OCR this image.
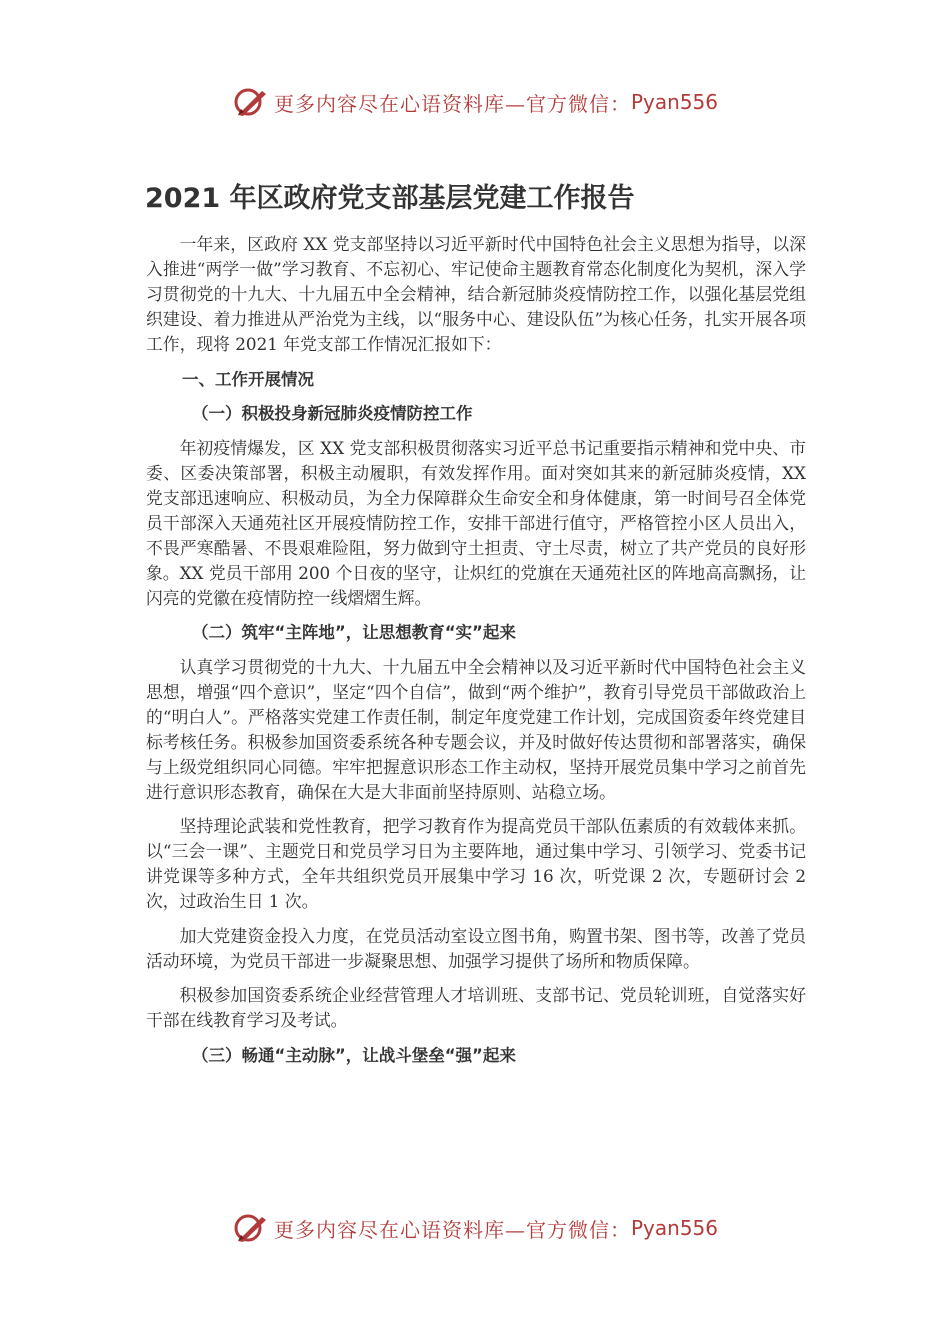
更多内容尽在心语资料库—官方微信： Pyan556
2021 年区政府党支部基层党建工作报告

一年来，区政府 XX 党支部坚持以习近平新时代中国特色社会主义思想为指导，以深入推进“两学一做”学习教育、不忘初心、牢记使命主题教育常态化制度化为契机，深入学习贯彻党的十九大、十九届五中全会精神，结合新冠肺炎疫情防控工作，以强化基层党组织建设、着力推进从严治党为主线，以“服务中心、建设队伍”为核心任务，扎实开展各项工作，现将 2021 年党支部工作情况汇报如下：

一、工作开展情况
（一）积极投身新冠肺炎疫情防控工作

年初疫情爆发，区 XX 党支部积极贯彻落实习近平总书记重要指示精神和党中央、市委、区委决策部署，积极主动履职，有效发挥作用。面对突如其来的新冠肺炎疫情，XX 党支部迅速响应、积极动员，为全力保障群众生命安全和身体健康，第一时间号召全体党员干部深入天通苑社区开展疫情防控工作，安排干部进行值守，严格管控小区人员出入，不畏严寒酷暑、不畏艰难险阻，努力做到守土担责、守土尽责，树立了共产党员的良好形象。XX 党员干部用 200 个日夜的坚守，让炽红的党旗在天通苑社区的阵地高高飘扬，让闪亮的党徽在疫情防控一线熠熠生辉。

（二）筑牢“主阵地”，让思想教育“实”起来

认真学习贯彻党的十九大、十九届五中全会精神以及习近平新时代中国特色社会主义思想，增强“四个意识”，坚定“四个自信”，做到“两个维护”，教育引导党员干部做政治上的“明白人”。严格落实党建工作责任制，制定年度党建工作计划，完成国资委年终党建目标考核任务。积极参加国资委系统各种专题会议，并及时做好传达贯彻和部署落实，确保与上级党组织同心同德。牢牢把握意识形态工作主动权，坚持开展党员集中学习之前首先进行意识形态教育，确保在大是大非面前坚持原则、站稳立场。

坚持理论武装和党性教育，把学习教育作为提高党员干部队伍素质的有效载体来抓。以“三会一课”、主题党日和党员学习日为主要阵地，通过集中学习、引领学习、党委书记讲党课等多种方式，全年共组织党员开展集中学习 16 次，听党课 2 次，专题研讨会 2 次，过政治生日 1 次。

加大党建资金投入力度，在党员活动室设立图书角，购置书架、图书等，改善了党员活动环境，为党员干部进一步凝聚思想、加强学习提供了场所和物质保障。

积极参加国资委系统企业经营管理人才培训班、支部书记、党员轮训班，自觉落实好干部在线教育学习及考试。

（三）畅通“主动脉”，让战斗堡垒“强”起来
更多内容尽在心语资料库—官方微信： Pyan556
